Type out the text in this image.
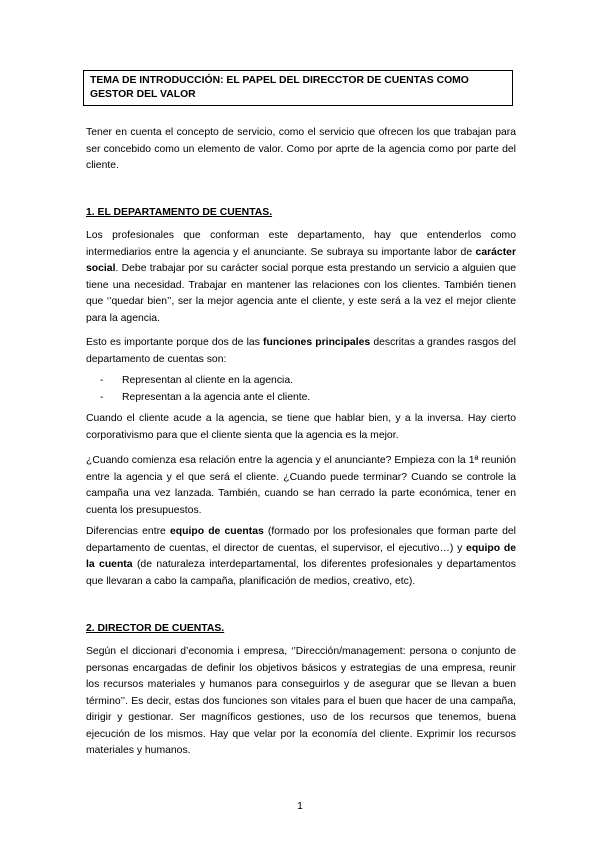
TEMA DE INTRODUCCIÓN: EL PAPEL DEL DIRECCTOR DE CUENTAS COMO GESTOR DEL VALOR
Tener en cuenta el concepto de servicio, como el servicio que ofrecen los que trabajan para ser concebido como un elemento de valor. Como por aprte de la agencia como por parte del cliente.
1. EL DEPARTAMENTO DE CUENTAS.
Los profesionales que conforman este departamento, hay que entenderlos como intermediarios entre la agencia y el anunciante. Se subraya su importante labor de carácter social. Debe trabajar por su carácter social porque esta prestando un servicio a alguien que tiene una necesidad. Trabajar en mantener las relaciones con los clientes. También tienen que ‘’quedar bien’’, ser la mejor agencia ante el cliente, y este será a la vez el mejor cliente para la agencia.
Esto es importante porque dos de las funciones principales descritas a grandes rasgos del departamento de cuentas son:
-	Representan al cliente en la agencia.
-	Representan a la agencia ante el cliente.
Cuando el cliente acude a la agencia, se tiene que hablar bien, y a la inversa. Hay cierto corporativismo para que el cliente sienta que la agencia es la mejor.
¿Cuando comienza esa relación entre la agencia y el anunciante? Empieza con la 1ª reunión entre la agencia y el que será el cliente. ¿Cuando puede terminar? Cuando se controle la campaña una vez lanzada. También, cuando se han cerrado la parte económica, tener en cuenta los presupuestos.
Diferencias entre equipo de cuentas (formado por los profesionales que forman parte del departamento de cuentas, el director de cuentas, el supervisor, el ejecutivo…) y equipo de la cuenta (de naturaleza interdepartamental, los diferentes profesionales y departamentos que llevaran a cabo la campaña, planificación de medios, creativo, etc).
2. DIRECTOR DE CUENTAS.
Según el diccionari d’economia i empresa, ‘’Dirección/management: persona o conjunto de personas encargadas de definir los objetivos básicos y estrategias de una empresa, reunir los recursos materiales y humanos para conseguirlos y de asegurar que se llevan a buen término’’. Es decir, estas dos funciones son vitales para el buen que hacer de una campaña, dirigir y gestionar. Ser magníficos gestiones, uso de los recursos que tenemos, buena ejecución de los mismos. Hay que velar por la economía del cliente. Exprimir los recursos materiales y humanos.
1
